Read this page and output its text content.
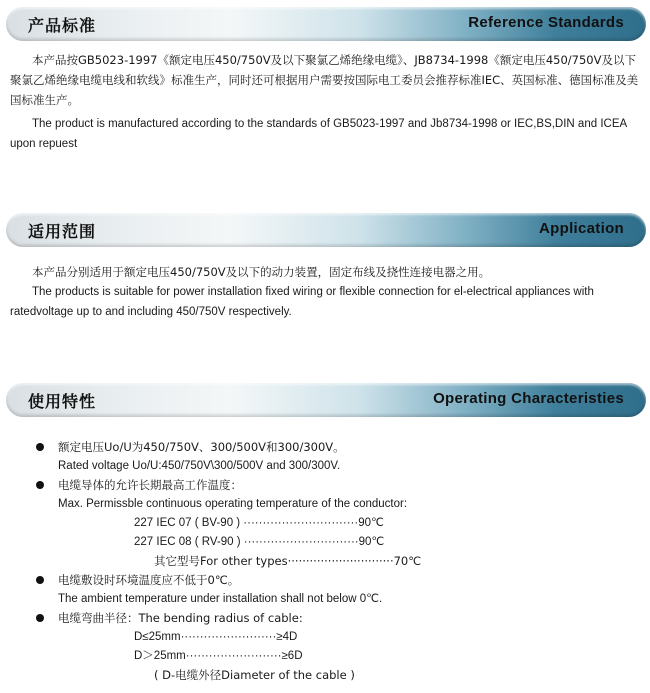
产品标准	Reference Standards

本产品按GB5023-1997《额定电压450/750V及以下聚氯乙烯绝缘电缆》、JB8734-1998《额定电压450/750V及以下聚氯乙烯绝缘电缆电线和软线》标准生产，同时还可根据用户需要按国际电工委员会推荐标准IEC、英国标准、德国标准及美国标准生产。

The product is manufactured according to the standards of GB5023-1997 and Jb8734-1998 or IEC,BS,DIN and ICEA upon repuest

适用范围	Application

本产品分别适用于额定电压450/750V及以下的动力装置，固定布线及挠性连接电器之用。

The products is suitable for power installation fixed wiring or flexible connection for el-electrical appliances with ratedvoltage up to and including 450/750V respectively.

使用特性	Operating Characteristies
额定电压Uo/U为450/750V、300/500V和300/300V。
Rated voltage Uo/U:450/750V\300/500V and 300/300V.
电缆导体的允许长期最高工作温度：
Max. Permissble continuous operating temperature of the conductor:
227 IEC 07 ( BV-90 ) ······························90℃
227 IEC 08 ( RV-90 ) ······························90℃
其它型号For other types·····························70℃
电缆敷设时环境温度应不低于0℃。
The ambient temperature under installation shall not below 0℃.
电缆弯曲半径：The bending radius of cable:
D≤25mm·························≥4D
D＞25mm·························≥6D
( D-电缆外径Diameter of the cable )
